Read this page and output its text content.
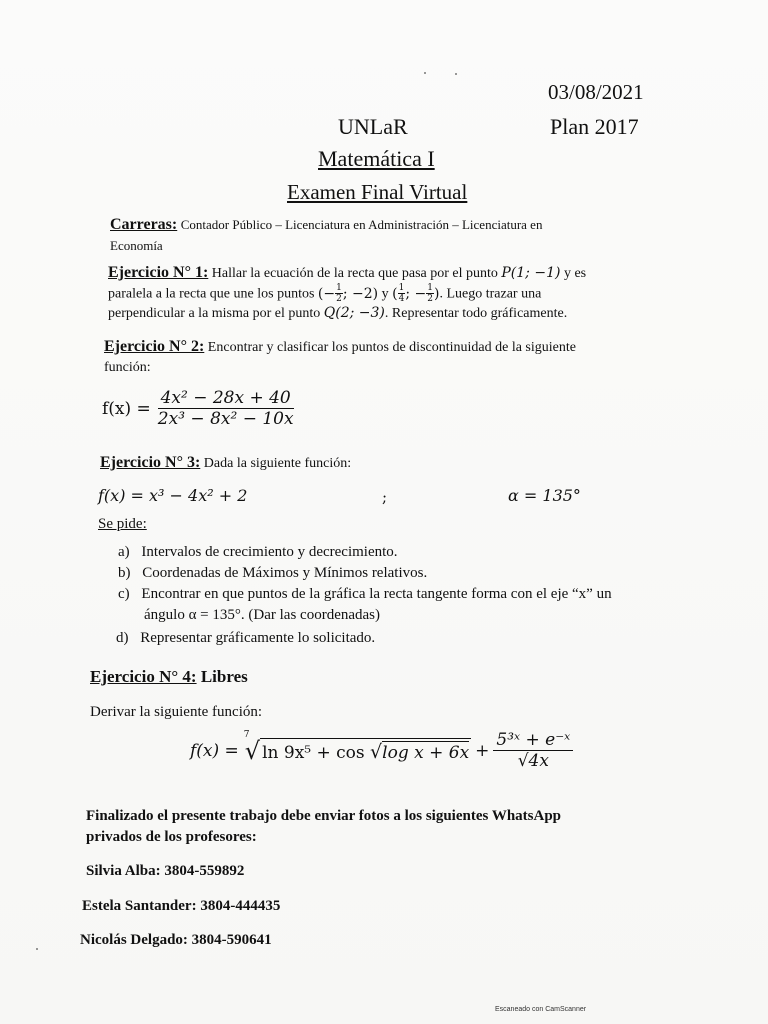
03/08/2021
UNLaR	Plan 2017
Matemática I
Examen Final Virtual
Carreras: Contador Público – Licenciatura en Administración – Licenciatura en
Economía
Ejercicio N° 1: Hallar la ecuación de la recta que pasa por el punto P(1; −1) y es
paralela a la recta que une los puntos (− $\frac{1}{2}$ ; −2) y ( $\frac{1}{4}$ ; − $\frac{1}{2}$ ). Luego trazar una
perpendicular a la misma por el punto Q(2; −3). Representar todo gráficamente.
Ejercicio N° 2: Encontrar y clasificar los puntos de discontinuidad de la siguiente
función:
$f(x) = \frac{\text{4x² − 28x + 40}}{\text{2x³ − 8x² − 10x}}$
Ejercicio N° 3: Dada la siguiente función:
f(x) = x³ − 4x² + 2	;	α = 135°
Se pide:
a) Intervalos de crecimiento y decrecimiento.
b) Coordenadas de Máximos y Mínimos relativos.
c) Encontrar en que puntos de la gráfica la recta tangente forma con el eje “x” un
ángulo α = 135°. (Dar las coordenadas)
d) Representar gráficamente lo solicitado.
Ejercicio N° 4: Libres
Derivar la siguiente función:
f(x) =
7
√ ln 9x⁵ + cos √log $x + 6x + \frac{\text{5³ˣ + e⁻ˣ}}{√4x}$
Finalizado el presente trabajo debe enviar fotos a los siguientes WhatsApp
privados de los profesores:
Silvia Alba: 3804-559892
Estela Santander: 3804-444435
Nicolás Delgado: 3804-590641
Escaneado con CamScanner
